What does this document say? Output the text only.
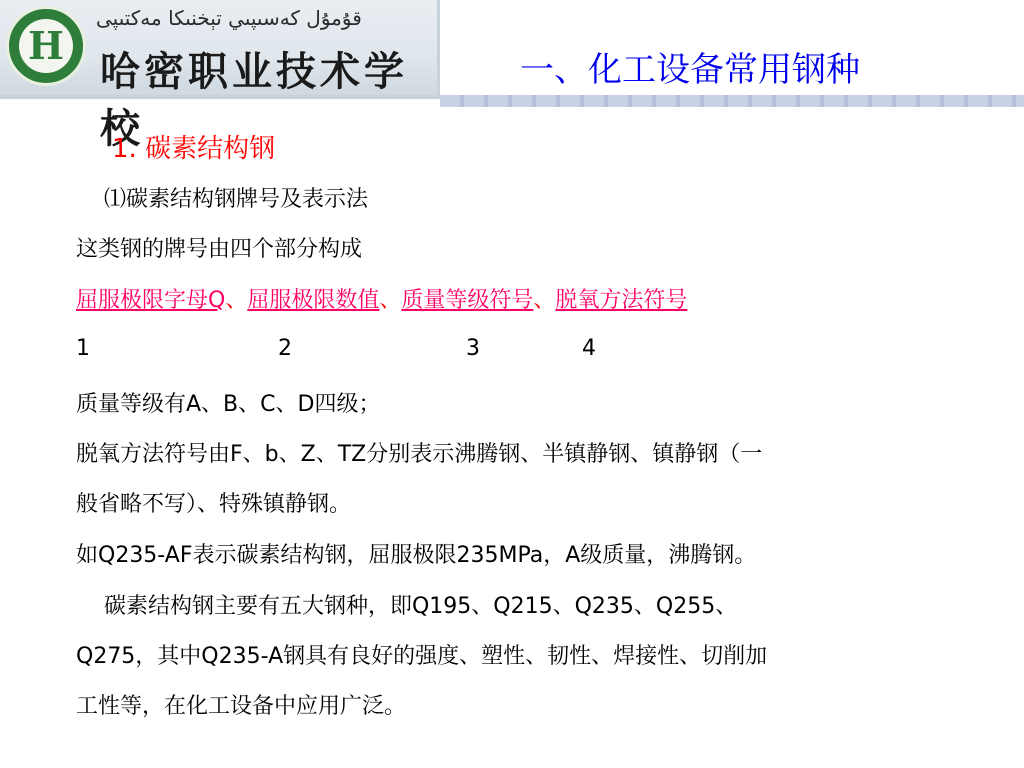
H
قۇمۇل كەسىپىي تېخنىكا مەكتىپى
哈密职业技术学校
一、化工设备常用钢种
1. 碳素结构钢
⑴碳素结构钢牌号及表示法
这类钢的牌号由四个部分构成
屈服极限字母Q、屈服极限数值、质量等级符号、脱氧方法符号
1	2	3	4
质量等级有A、B、C、D四级；
脱氧方法符号由F、b、Z、TZ分别表示沸腾钢、半镇静钢、镇静钢（一
般省略不写）、特殊镇静钢。
如Q235-AF表示碳素结构钢，屈服极限235MPa，A级质量，沸腾钢。
碳素结构钢主要有五大钢种，即Q195、Q215、Q235、Q255、
Q275，其中Q235-A钢具有良好的强度、塑性、韧性、焊接性、切削加
工性等，在化工设备中应用广泛。
